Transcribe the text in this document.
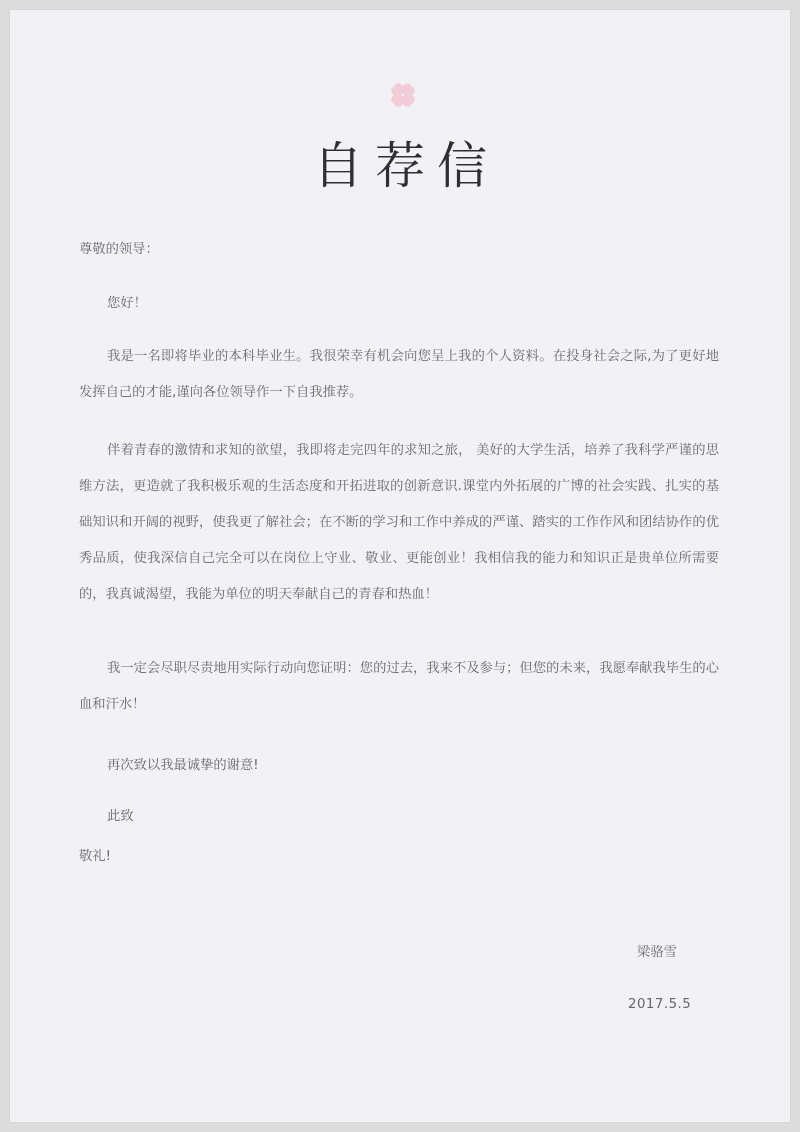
自荐信
尊敬的领导：
您好！
我是一名即将毕业的本科毕业生。我很荣幸有机会向您呈上我的个人资料。在投身社会之际,为了更好地发挥自己的才能,谨向各位领导作一下自我推荐。
伴着青春的激情和求知的欲望，我即将走完四年的求知之旅， 美好的大学生活，培养了我科学严谨的思维方法，更造就了我积极乐观的生活态度和开拓进取的创新意识.课堂内外拓展的广博的社会实践、扎实的基础知识和开阔的视野，使我更了解社会；在不断的学习和工作中养成的严谨、踏实的工作作风和团结协作的优秀品质，使我深信自己完全可以在岗位上守业、敬业、更能创业！我相信我的能力和知识正是贵单位所需要的，我真诚渴望，我能为单位的明天奉献自己的青春和热血！
我一定会尽职尽责地用实际行动向您证明：您的过去，我来不及参与；但您的未来，我愿奉献我毕生的心血和汗水！
再次致以我最诚挚的谢意!
此致
敬礼!
梁骆雪
2017.5.5
